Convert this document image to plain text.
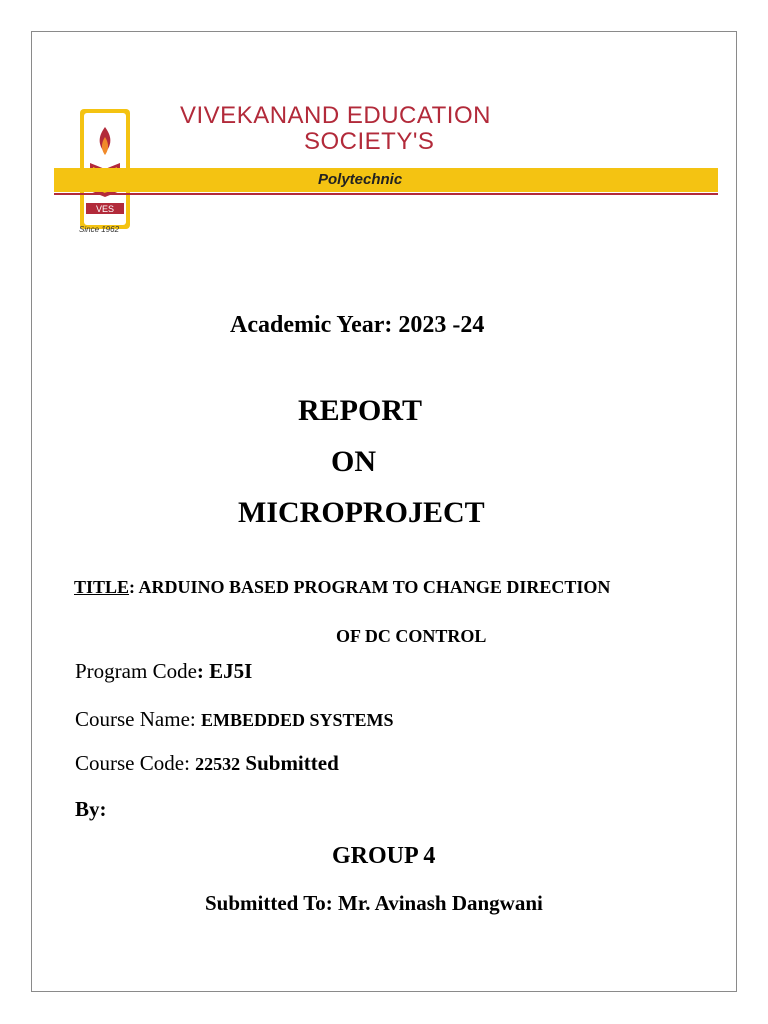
VES
Since 1962
VIVEKANAND EDUCATION
SOCIETY'S
Polytechnic
Academic Year: 2023 -24
REPORT
ON
MICROPROJECT
TITLE: ARDUINO BASED PROGRAM TO CHANGE DIRECTION
OF DC CONTROL
Program Code: EJ5I
Course Name: EMBEDDED SYSTEMS
Course Code: 22532 Submitted
By:
GROUP 4
Submitted To: Mr. Avinash Dangwani
